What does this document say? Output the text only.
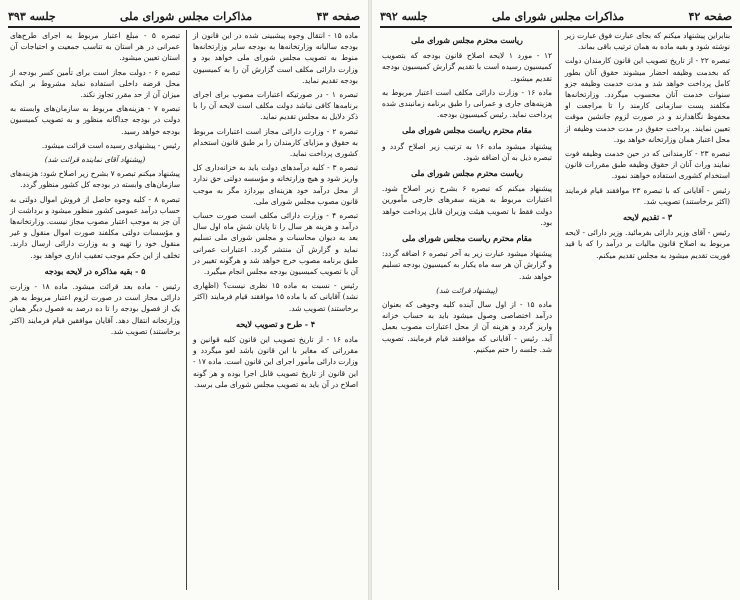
صفحه ۴۳
مذاکرات مجلس شورای ملی
جلسه ۳۹۳

ماده ۱۵ - انتقال وجوه پیشبینی شده در این قانون از بودجه سالیانه وزارتخانه‌ها به بودجه سایر وزارتخانه‌ها منوط به تصویب مجلس شورای ملی خواهد بود و وزارت دارائی مکلف است گزارش آن را به کمیسیون بودجه تقدیم نماید.

تبصره ۱ - در صورتیکه اعتبارات مصوب برای اجرای برنامه‌ها کافی نباشد دولت مکلف است لایحه آن را با ذکر دلایل به مجلس تقدیم نماید.

تبصره ۲ - وزارت دارائی مجاز است اعتبارات مربوط به حقوق و مزایای کارمندان را بر طبق قانون استخدام کشوری پرداخت نماید.

تبصره ۳ - کلیه درآمدهای دولت باید به خزانه‌داری کل واریز شود و هیچ وزارتخانه و مؤسسه دولتی حق ندارد از محل درآمد خود هزینه‌ای بپردازد مگر به موجب قانون مصوب مجلس شورای ملی.

تبصره ۴ - وزارت دارائی مکلف است صورت حساب درآمد و هزینه هر سال را تا پایان شش ماه اول سال بعد به دیوان محاسبات و مجلس شورای ملی تسلیم نماید و گزارش آن منتشر گردد. اعتبارات عمرانی طبق برنامه مصوب خرج خواهد شد و هرگونه تغییر در آن با تصویب کمیسیون بودجه مجلس انجام میگیرد.

رئیس - نسبت به ماده ۱۵ نظری نیست؟ (اظهاری نشد) آقایانی که با ماده ۱۵ موافقند قیام فرمایند (اکثر برخاستند) تصویب شد.

۴ - طرح و تصویب لایحه

ماده ۱۶ - از تاریخ تصویب این قانون کلیه قوانین و مقرراتی که مغایر با این قانون باشد لغو میگردد و وزارت دارائی مأمور اجرای این قانون است. ماده ۱۷ - این قانون از تاریخ تصویب قابل اجرا بوده و هر گونه اصلاح در آن باید به تصویب مجلس شورای ملی برسد.

تبصره ۵ - مبلغ اعتبار مربوط به اجرای طرح‌های عمرانی در هر استان به تناسب جمعیت و احتیاجات آن استان تعیین میشود.

تبصره ۶ - دولت مجاز است برای تأمین کسر بودجه از محل قرضه داخلی استفاده نماید مشروط بر اینکه میزان آن از حد مقرر تجاوز نکند.

تبصره ۷ - هزینه‌های مربوط به سازمان‌های وابسته به دولت در بودجه جداگانه منظور و به تصویب کمیسیون بودجه خواهد رسید.

رئیس - پیشنهادی رسیده است قرائت میشود.

(پیشنهاد آقای نماینده قرائت شد)

پیشنهاد میکنم تبصره ۷ بشرح زیر اصلاح شود: هزینه‌های سازمان‌های وابسته در بودجه کل کشور منظور گردد.

تبصره ۸ - کلیه وجوه حاصل از فروش اموال دولتی به حساب درآمد عمومی کشور منظور میشود و برداشت از آن جز به موجب اعتبار مصوب مجاز نیست. وزارتخانه‌ها و مؤسسات دولتی مکلفند صورت اموال منقول و غیر منقول خود را تهیه و به وزارت دارائی ارسال دارند. تخلف از این حکم موجب تعقیب اداری خواهد بود.

۵ - بقیه مذاکره در لایحه بودجه

رئیس - ماده بعد قرائت میشود. ماده ۱۸ - وزارت دارائی مجاز است در صورت لزوم اعتبار مربوط به هر یک از فصول بودجه را تا ده درصد به فصول دیگر همان وزارتخانه انتقال دهد. آقایان موافقین قیام فرمایند (اکثر برخاستند) تصویب شد.

صفحه ۴۲
مذاکرات مجلس شورای ملی
جلسه ۳۹۲

بنابراین پیشنهاد میکنم که بجای عبارت فوق عبارت زیر نوشته شود و بقیه ماده به همان ترتیب باقی بماند.

تبصره ۲۲ - از تاریخ تصویب این قانون کارمندان دولت که بخدمت وظیفه احضار میشوند حقوق آنان بطور کامل پرداخت خواهد شد و مدت خدمت وظیفه جزو سنوات خدمت آنان محسوب میگردد. وزارتخانه‌ها مکلفند پست سازمانی کارمند را تا مراجعت او محفوظ نگاهدارند و در صورت لزوم جانشین موقت تعیین نمایند. پرداخت حقوق در مدت خدمت وظیفه از محل اعتبار همان وزارتخانه خواهد بود.

تبصره ۲۳ - کارمندانی که در حین خدمت وظیفه فوت نمایند وراث آنان از حقوق وظیفه طبق مقررات قانون استخدام کشوری استفاده خواهند نمود.

رئیس - آقایانی که با تبصره ۲۳ موافقند قیام فرمایند (اکثر برخاستند) تصویب شد.

۳ - تقدیم لایحه

رئیس - آقای وزیر دارائی بفرمائید. وزیر دارائی - لایحه مربوط به اصلاح قانون مالیات بر درآمد را که با قید فوریت تقدیم میشود به مجلس تقدیم میکنم.

ریاست محترم مجلس شورای ملی

۱۲ - مورد ۱ لایحه اصلاح قانون بودجه که بتصویب کمیسیون رسیده است با تقدیم گزارش کمیسیون بودجه تقدیم میشود.

ماده ۱۶ - وزارت دارائی مکلف است اعتبار مربوط به هزینه‌های جاری و عمرانی را طبق برنامه زمانبندی شده پرداخت نماید. رئیس کمیسیون بودجه.

مقام محترم ریاست مجلس شورای ملی

پیشنهاد میشود ماده ۱۶ به ترتیب زیر اصلاح گردد و تبصره ذیل به آن اضافه شود.

ریاست محترم مجلس شورای ملی

پیشنهاد میکنم که تبصره ۶ بشرح زیر اصلاح شود. اعتبارات مربوط به هزینه سفرهای خارجی مأمورین دولت فقط با تصویب هیئت وزیران قابل پرداخت خواهد بود.

مقام محترم ریاست مجلس شورای ملی

پیشنهاد میشود عبارت زیر به آخر تبصره ۶ اضافه گردد: و گزارش آن هر سه ماه یکبار به کمیسیون بودجه تسلیم خواهد شد.

(پیشنهاد قرائت شد)

ماده ۱۵ - از اول سال آینده کلیه وجوهی که بعنوان درآمد اختصاصی وصول میشود باید به حساب خزانه واریز گردد و هزینه آن از محل اعتبارات مصوب بعمل آید. رئیس - آقایانی که موافقند قیام فرمایند. تصویب شد. جلسه را ختم میکنیم.
